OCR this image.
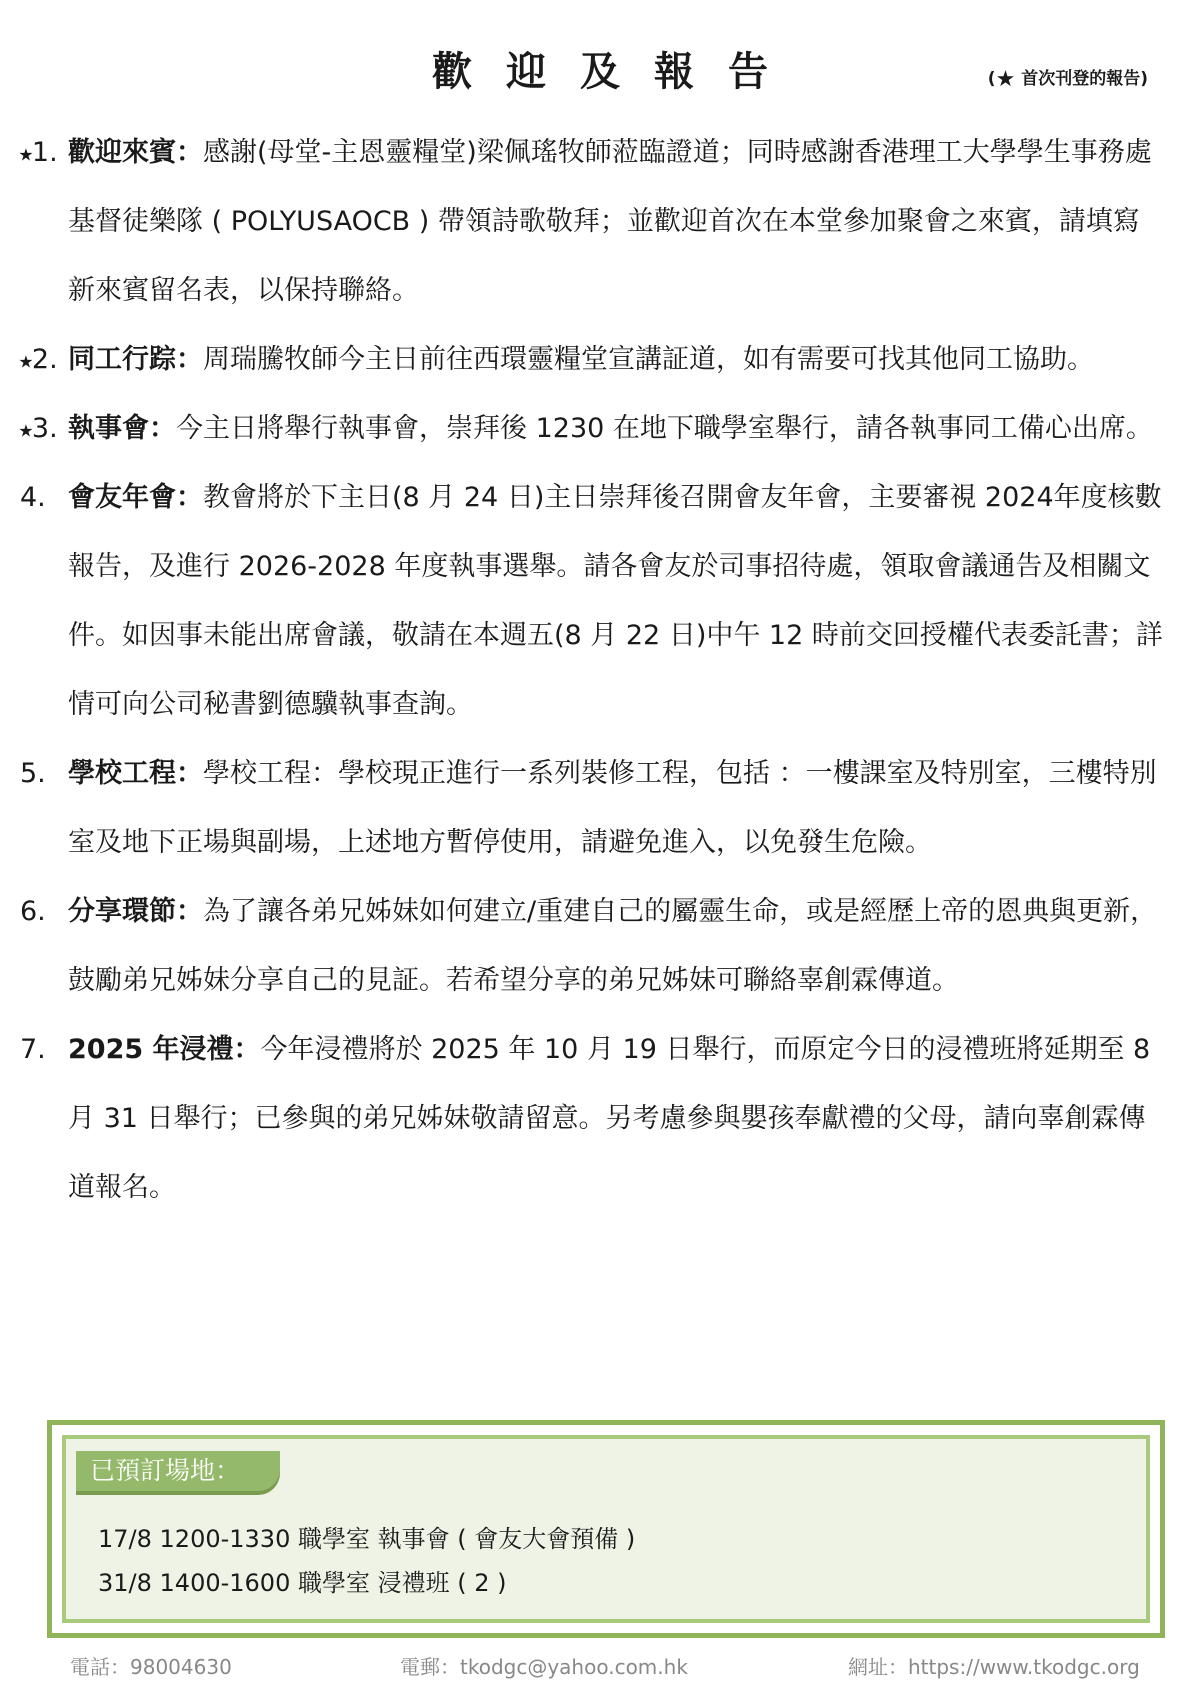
歡迎及報告	(★ 首次刊登的報告)
⭑1. 歡迎來賓：感謝(母堂-主恩靈糧堂)梁佩瑤牧師蒞臨證道；同時感謝香港理工大學學生事務處基督徒樂隊 ( POLYUSAOCB ) 帶領詩歌敬拜；並歡迎首次在本堂參加聚會之來賓，請填寫新來賓留名表，以保持聯絡。
⭑2. 同工行踪：周瑞騰牧師今主日前往西環靈糧堂宣講証道，如有需要可找其他同工協助。
⭑3. 執事會：今主日將舉行執事會，崇拜後 1230 在地下職學室舉行，請各執事同工備心出席。
4. 會友年會：教會將於下主日(8 月 24 日)主日崇拜後召開會友年會，主要審視 2024年度核數報告，及進行 2026-2028 年度執事選舉。請各會友於司事招待處，領取會議通告及相關文件。如因事未能出席會議，敬請在本週五(8 月 22 日)中午 12 時前交回授權代表委託書；詳情可向公司秘書劉德驥執事查詢。
5. 學校工程：學校工程：學校現正進行一系列裝修工程，包括 ：一樓課室及特別室，三樓特別室及地下正場與副場，上述地方暫停使用，請避免進入，以免發生危險。
6. 分享環節：為了讓各弟兄姊妹如何建立/重建自己的屬靈生命，或是經歷上帝的恩典與更新，鼓勵弟兄姊妹分享自己的見証。若希望分享的弟兄姊妹可聯絡辜創霖傳道。
7. 2025 年浸禮：今年浸禮將於 2025 年 10 月 19 日舉行，而原定今日的浸禮班將延期至 8 月 31 日舉行；已參與的弟兄姊妹敬請留意。另考慮參與嬰孩奉獻禮的父母，請向辜創霖傳道報名。
已預訂場地：
17/8 1200-1330 職學室 執事會 ( 會友大會預備 )
31/8 1400-1600 職學室 浸禮班 ( 2 )
電話：98004630	電郵：tkodgc@yahoo.com.hk	網址：https://www.tkodgc.org
